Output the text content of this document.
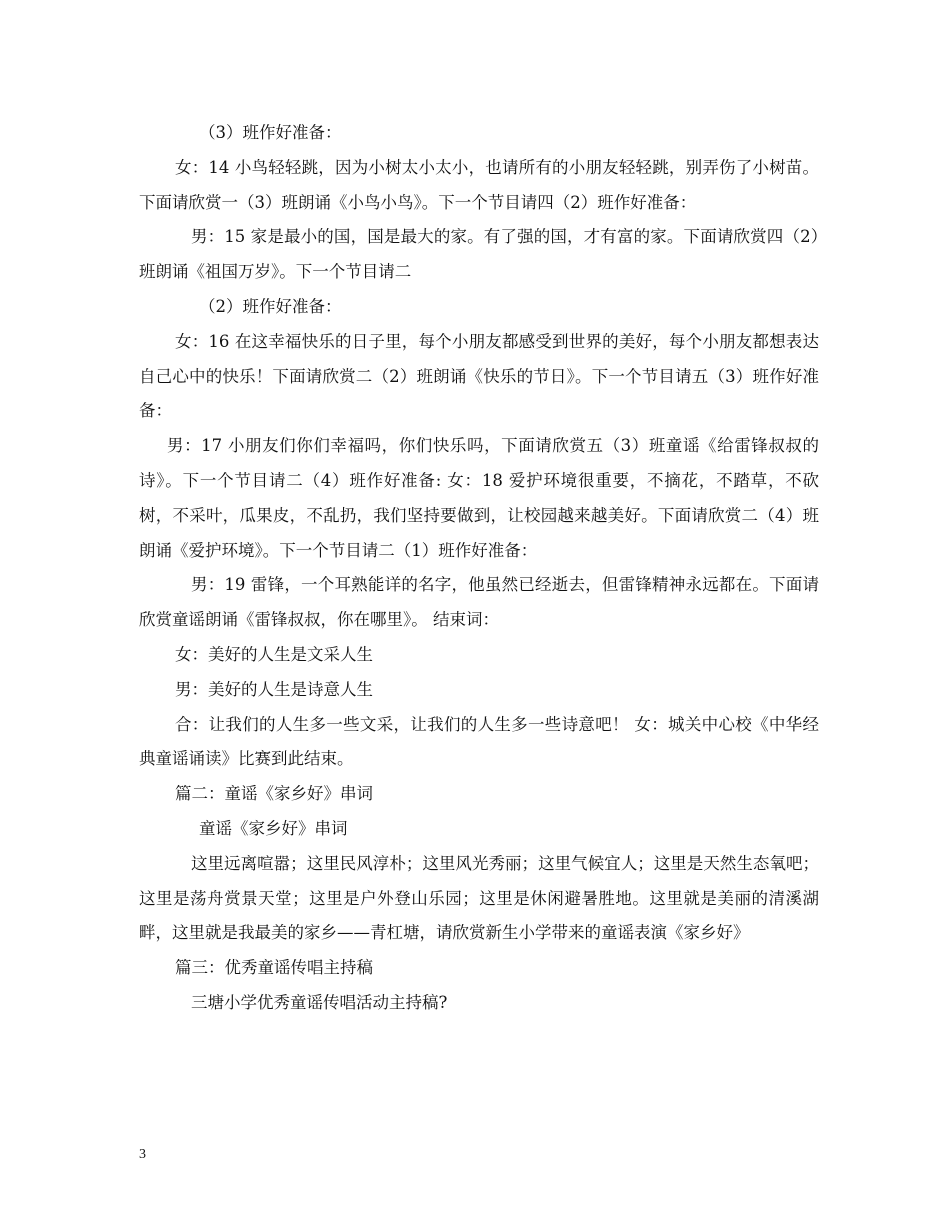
（3）班作好准备：

女：14 小鸟轻轻跳，因为小树太小太小，也请所有的小朋友轻轻跳，别弄伤了小树苗。下面请欣赏一（3）班朗诵《小鸟小鸟》。下一个节目请四（2）班作好准备：

男：15 家是最小的国，国是最大的家。有了强的国，才有富的家。下面请欣赏四（2）班朗诵《祖国万岁》。下一个节目请二

（2）班作好准备：

女：16 在这幸福快乐的日子里，每个小朋友都感受到世界的美好，每个小朋友都想表达自己心中的快乐！下面请欣赏二（2）班朗诵《快乐的节日》。下一个节目请五（3）班作好准备：

男：17 小朋友们你们幸福吗，你们快乐吗，下面请欣赏五（3）班童谣《给雷锋叔叔的诗》。下一个节目请二（4）班作好准备: 女：18 爱护环境很重要，不摘花，不踏草，不砍树，不采叶，瓜果皮，不乱扔，我们坚持要做到，让校园越来越美好。下面请欣赏二（4）班朗诵《爱护环境》。下一个节目请二（1）班作好准备：

男：19 雷锋，一个耳熟能详的名字，他虽然已经逝去，但雷锋精神永远都在。下面请欣赏童谣朗诵《雷锋叔叔，你在哪里》。 结束词：

女：美好的人生是文采人生

男：美好的人生是诗意人生

合：让我们的人生多一些文采，让我们的人生多一些诗意吧！ 女：城关中心校《中华经典童谣诵读》比赛到此结束。

篇二：童谣《家乡好》串词

童谣《家乡好》串词

这里远离喧嚣；这里民风淳朴；这里风光秀丽；这里气候宜人；这里是天然生态氧吧；这里是荡舟赏景天堂；这里是户外登山乐园；这里是休闲避暑胜地。这里就是美丽的清溪湖畔，这里就是我最美的家乡——青杠塘，请欣赏新生小学带来的童谣表演《家乡好》

篇三：优秀童谣传唱主持稿

三塘小学优秀童谣传唱活动主持稿?

3
